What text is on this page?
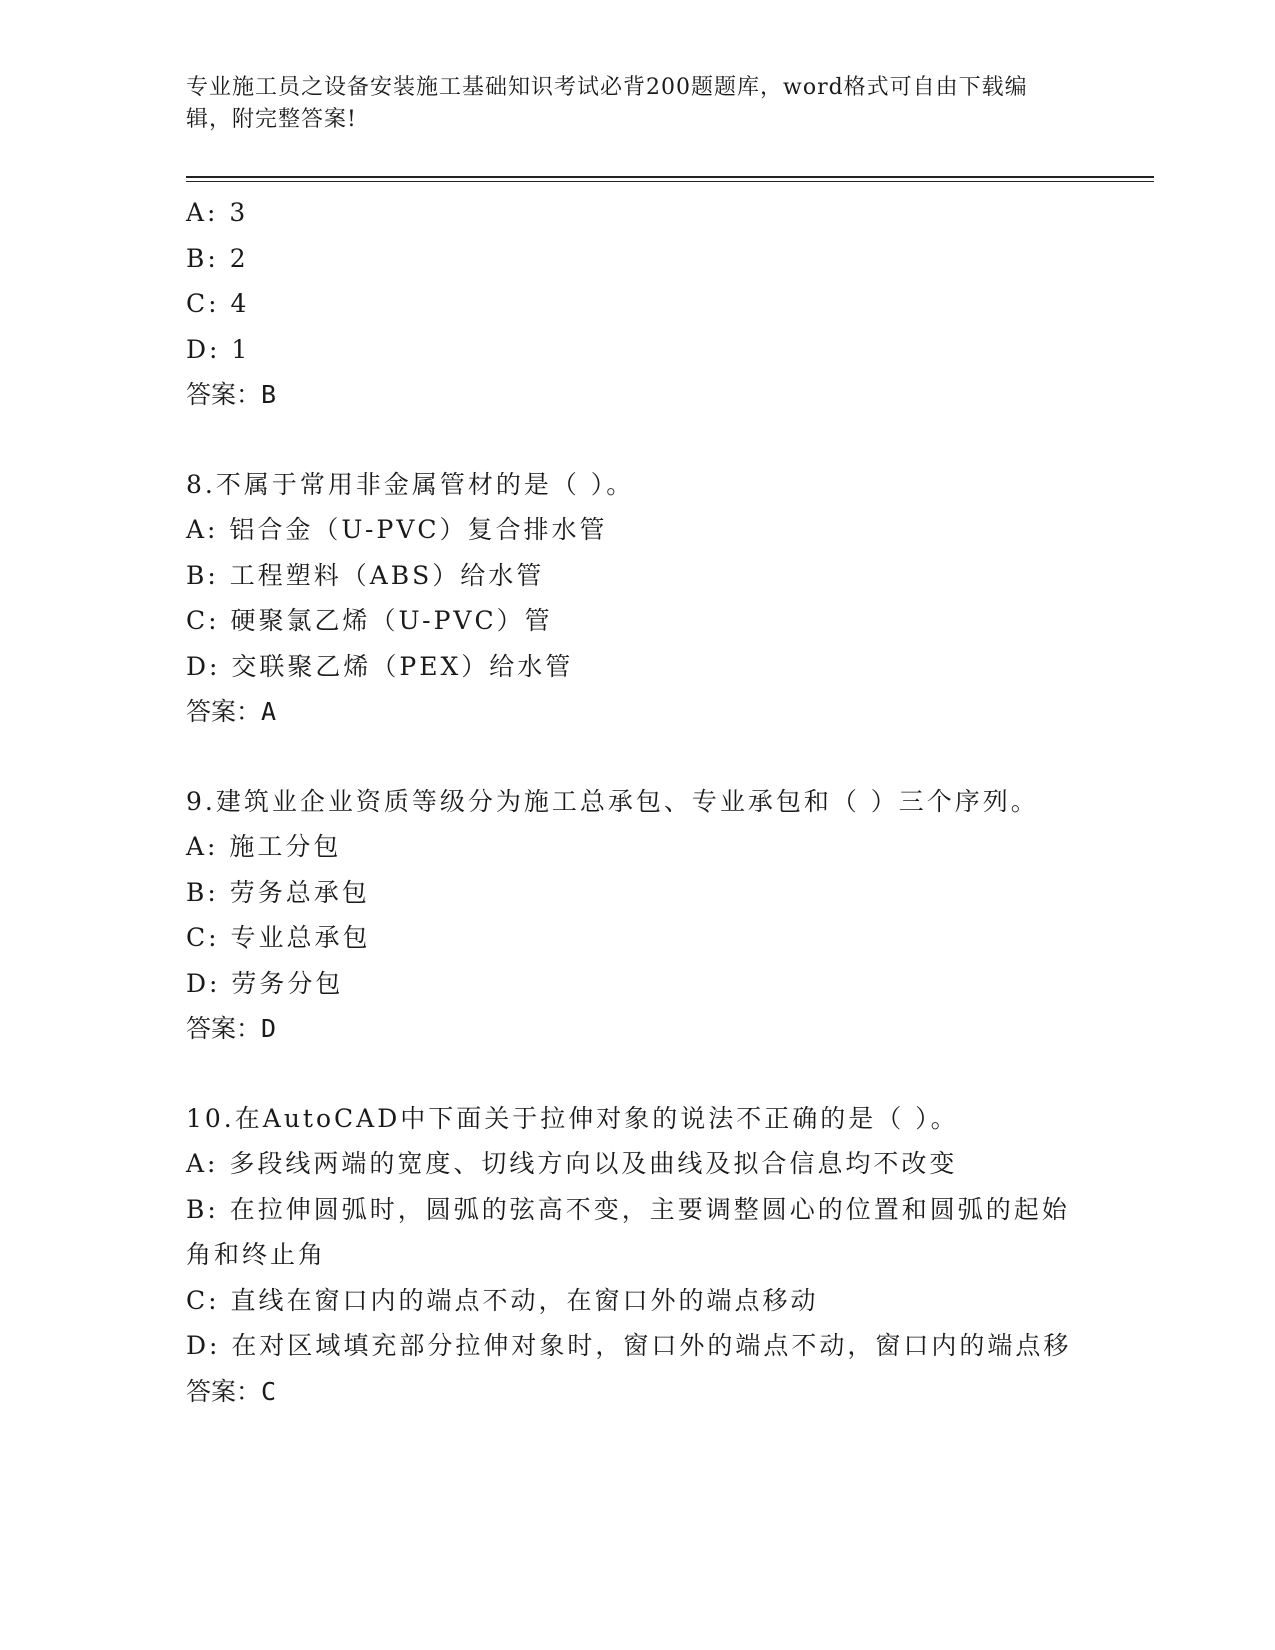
专业施工员之设备安装施工基础知识考试必背200题题库，word格式可自由下载编辑，附完整答案!

A: 3

B: 2

C: 4

D: 1

答案：B

8.不属于常用非金属管材的是（ ）。

A: 铝合金（U-PVC）复合排水管

B: 工程塑料（ABS）给水管

C: 硬聚氯乙烯（U-PVC）管

D: 交联聚乙烯（PEX）给水管

答案：A

9.建筑业企业资质等级分为施工总承包、专业承包和（ ）三个序列。

A: 施工分包

B: 劳务总承包

C: 专业总承包

D: 劳务分包

答案：D

10.在AutoCAD中下面关于拉伸对象的说法不正确的是（ ）。

A: 多段线两端的宽度、切线方向以及曲线及拟合信息均不改变

B: 在拉伸圆弧时，圆弧的弦高不变，主要调整圆心的位置和圆弧的起始角和终止角

C: 直线在窗口内的端点不动，在窗口外的端点移动

D: 在对区域填充部分拉伸对象时，窗口外的端点不动，窗口内的端点移

答案：C
